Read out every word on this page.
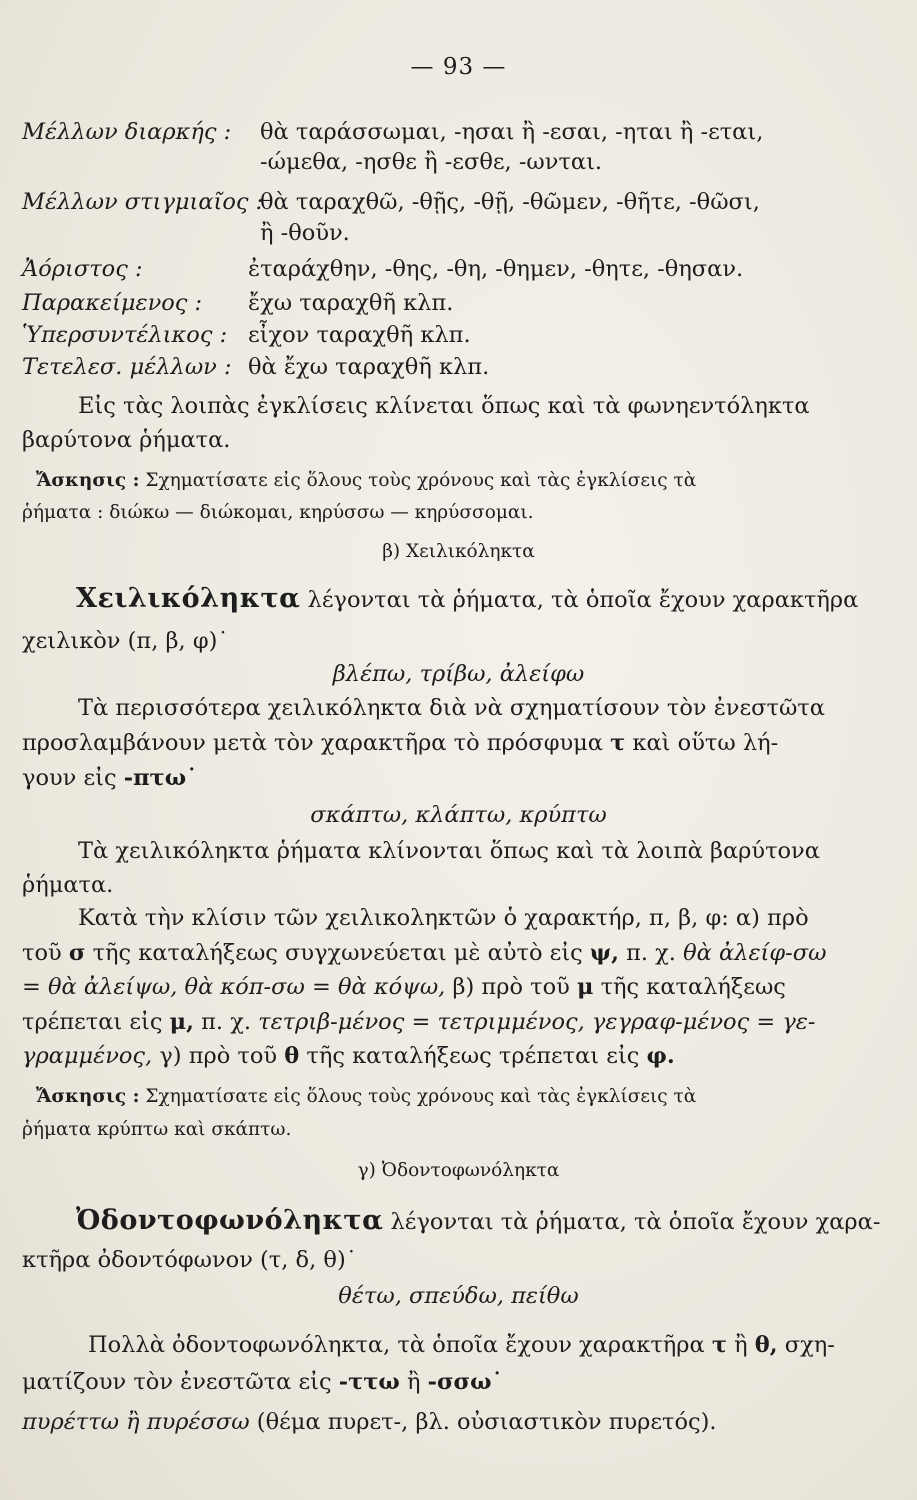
— 93 —
Μέλλων διαρκής : θὰ ταράσσωμαι, -ησαι ἢ -εσαι, -ηται ἢ -εται,
-ώμεθα, -ησθε ἢ -εσθε, -ωνται.
Μέλλων στιγμιαῖος :
θὰ ταραχθῶ, -θῇς, -θῇ, -θῶμεν, -θῆτε, -θῶσι,
ἢ -θοῦν.
Ἀόριστος :	ἐταράχθην, -θης, -θη, -θημεν, -θητε, -θησαν.
Παρακείμενος : ἔχω ταραχθῆ κλπ.
Ὑπερσυντέλικος : εἶχον ταραχθῆ κλπ.
Τετελεσ. μέλλων : θὰ ἔχω ταραχθῆ κλπ.
Εἰς τὰς λοιπὰς ἐγκλίσεις κλίνεται ὅπως καὶ τὰ φωνηεντόληκτα
βαρύτονα ῥήματα.
Ἄσκησις : Σχηματίσατε εἰς ὅλους τοὺς χρόνους καὶ τὰς ἐγκλίσεις τὰ
ῥήματα : διώκω — διώκομαι, κηρύσσω — κηρύσσομαι.
β) Χειλικόληκτα
Χειλικόληκτα λέγονται τὰ ῥήματα, τὰ ὁποῖα ἔχουν χαρακτῆρα
χειλικὸν (π, β, φ)˙
βλέπω, τρίβω, ἀλείφω
Τὰ περισσότερα χειλικόληκτα διὰ νὰ σχηματίσουν τὸν ἐνεστῶτα
προσλαμβάνουν μετὰ τὸν χαρακτῆρα τὸ πρόσφυμα τ καὶ οὕτω λή-
γουν εἰς -πτω˙
σκάπτω, κλάπτω, κρύπτω
Τὰ χειλικόληκτα ῥήματα κλίνονται ὅπως καὶ τὰ λοιπὰ βαρύτονα
ῥήματα.
Κατὰ τὴν κλίσιν τῶν χειλικοληκτῶν ὁ χαρακτήρ, π, β, φ: α) πρὸ
τοῦ σ τῆς καταλήξεως συγχωνεύεται μὲ αὐτὸ εἰς ψ, π. χ. θὰ ἀλείφ-σω
= θὰ ἀλείψω, θὰ κόπ-σω = θὰ κόψω, β) πρὸ τοῦ μ τῆς καταλήξεως
τρέπεται εἰς μ, π. χ. τετριβ-μένος = τετριμμένος, γεγραφ-μένος = γε-
γραμμένος, γ) πρὸ τοῦ θ τῆς καταλήξεως τρέπεται εἰς φ.
Ἄσκησις : Σχηματίσατε εἰς ὅλους τοὺς χρόνους καὶ τὰς ἐγκλίσεις τὰ
ῥήματα κρύπτω καὶ σκάπτω.
γ) Ὀδοντοφωνόληκτα
Ὀδοντοφωνόληκτα λέγονται τὰ ῥήματα, τὰ ὁποῖα ἔχουν χαρα-
κτῆρα ὀδοντόφωνον (τ, δ, θ)˙
θέτω, σπεύδω, πείθω
Πολλὰ ὀδοντοφωνόληκτα, τὰ ὁποῖα ἔχουν χαρακτῆρα τ ἢ θ, σχη-
ματίζουν τὸν ἐνεστῶτα εἰς -ττω ἢ -σσω˙
πυρέττω ἢ πυρέσσω (θέμα πυρετ-, βλ. οὐσιαστικὸν πυρετός).
